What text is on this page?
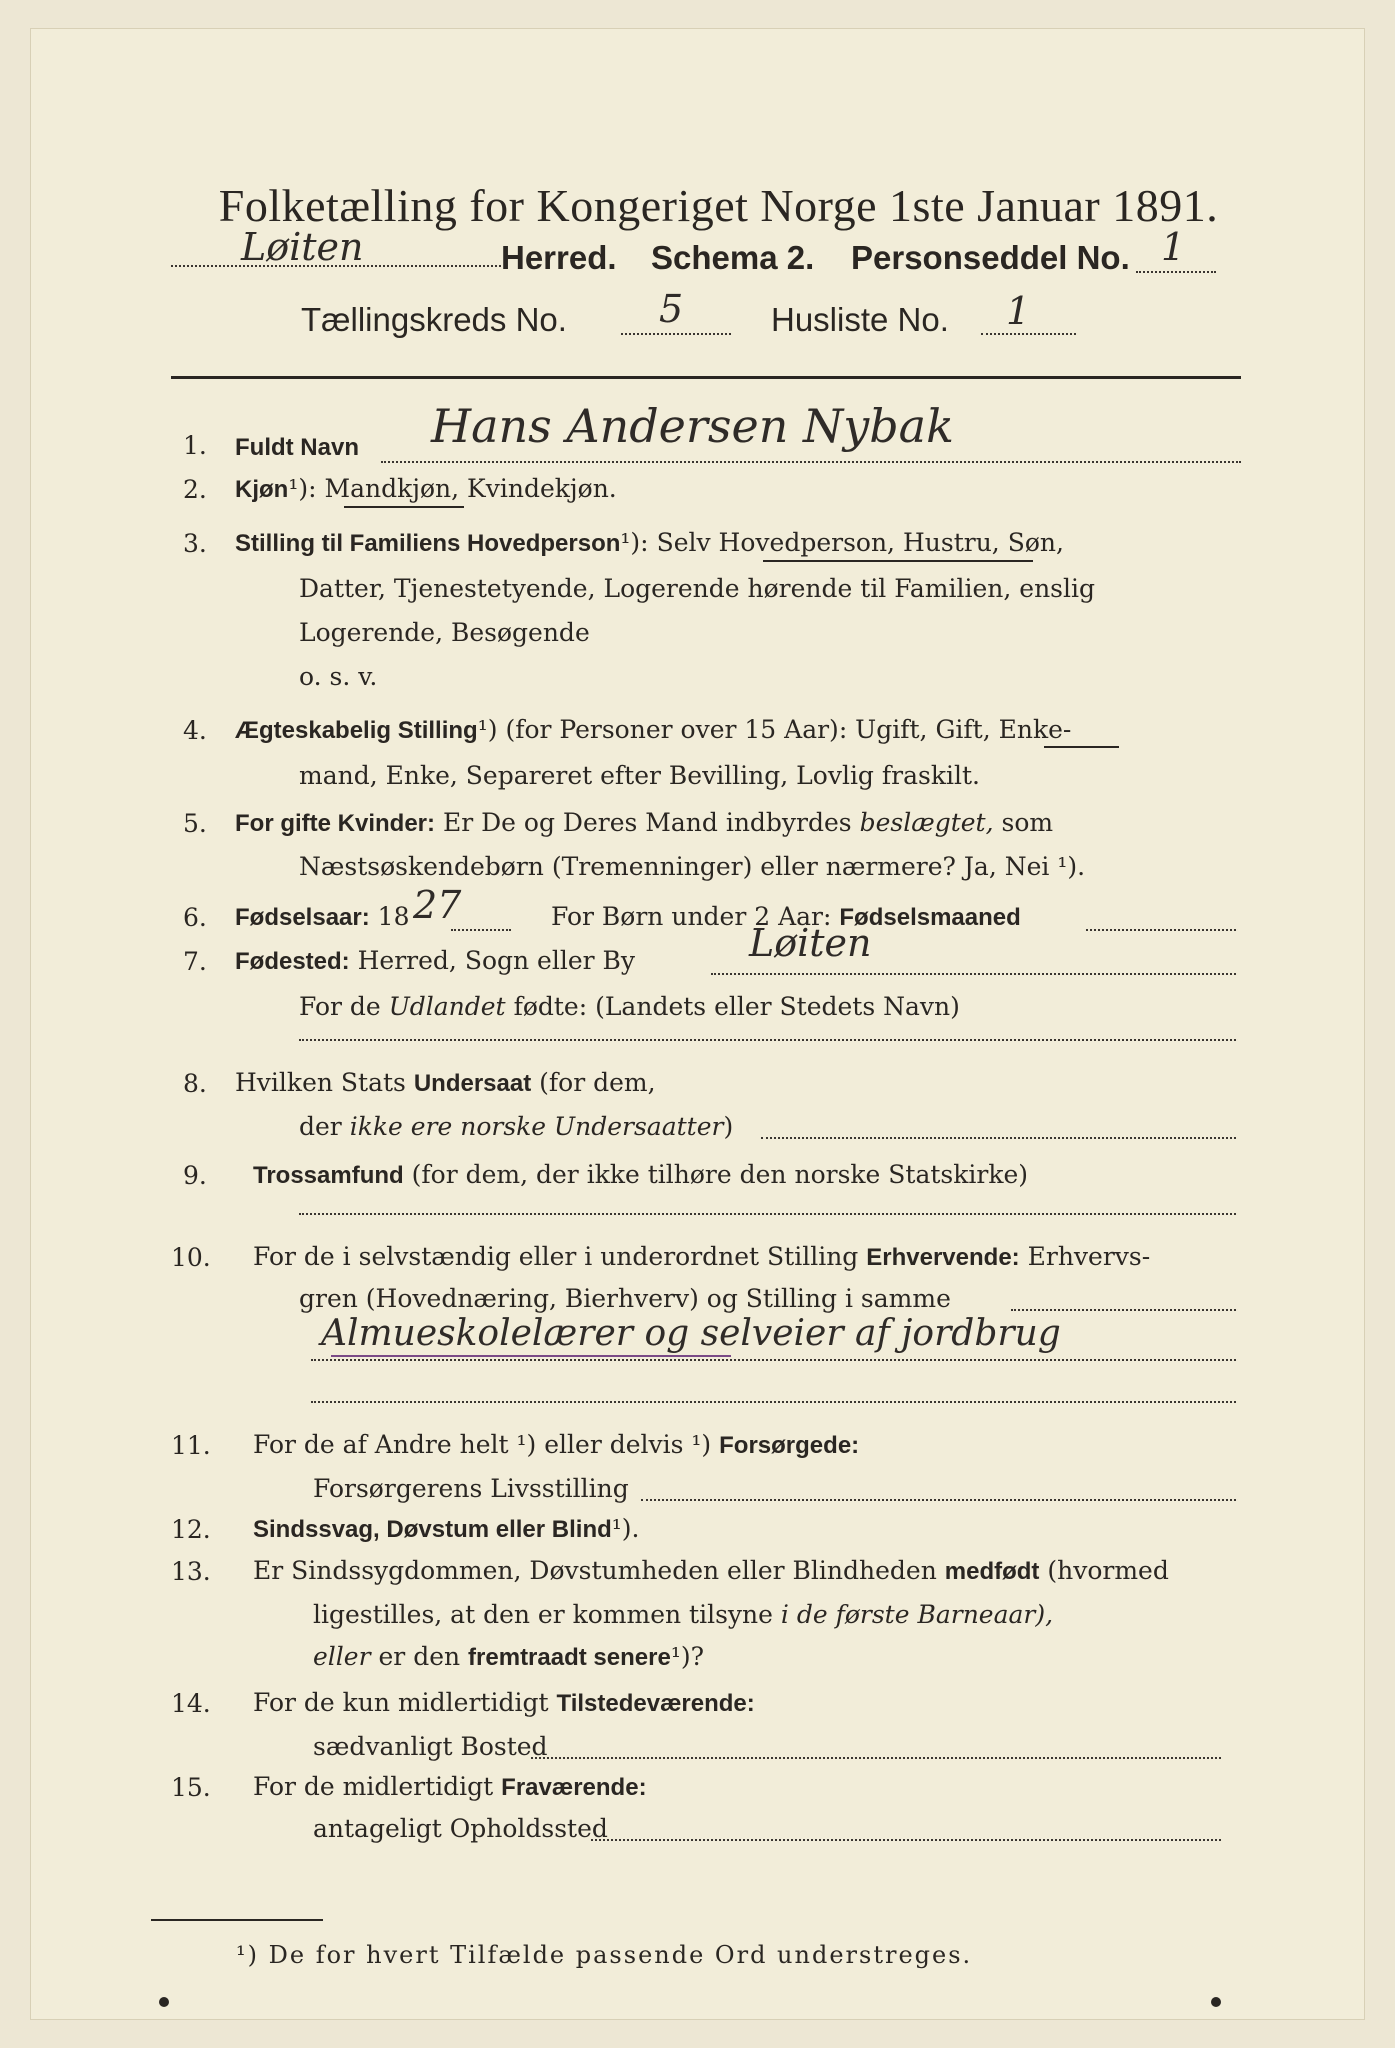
Folketælling for Kongeriget Norge 1ste Januar 1891.
Løiten	Herred. Schema 2. Personseddel No. 1
Tællingskreds No. 5	Husliste No. 1
1. Fuldt Navn Hans Andersen Nybak
2. Kjøn¹): Mandkjøn, Kvindekjøn.
3. Stilling til Familiens Hovedperson¹): Selv Hovedperson, Hustru, Søn,
Datter, Tjenestetyende, Logerende hørende til Familien, enslig
Logerende, Besøgende
o. s. v.
4. Ægteskabelig Stilling¹) (for Personer over 15 Aar): Ugift, Gift, Enke-
mand, Enke, Separeret efter Bevilling, Lovlig fraskilt.
5. For gifte Kvinder: Er De og Deres Mand indbyrdes beslægtet, som
Næstsøskendebørn (Tremenninger) eller nærmere? Ja, Nei ¹).
6. Fødselsaar: 18 27	For Børn under 2 Aar: Fødselsmaaned
7. Fødested: Herred, Sogn eller By	Løiten
For de Udlandet fødte: (Landets eller Stedets Navn)
8. Hvilken Stats Undersaat (for dem,
der ikke ere norske Undersaatter)
9. Trossamfund (for dem, der ikke tilhøre den norske Statskirke)
10. For de i selvstændig eller i underordnet Stilling Erhvervende: Erhvervs-
gren (Hovednæring, Bierhverv) og Stilling i samme
Almueskolelærer og selveier af jordbrug
11. For de af Andre helt ¹) eller delvis ¹) Forsørgede:
Forsørgerens Livsstilling
12. Sindssvag, Døvstum eller Blind¹).
13. Er Sindssygdommen, Døvstumheden eller Blindheden medfødt (hvormed
ligestilles, at den er kommen tilsyne i de første Barneaar),
eller er den fremtraadt senere¹)?
14. For de kun midlertidigt Tilstedeværende:
sædvanligt Bosted
15. For de midlertidigt Fraværende:
antageligt Opholdssted
¹) De for hvert Tilfælde passende Ord understreges.
